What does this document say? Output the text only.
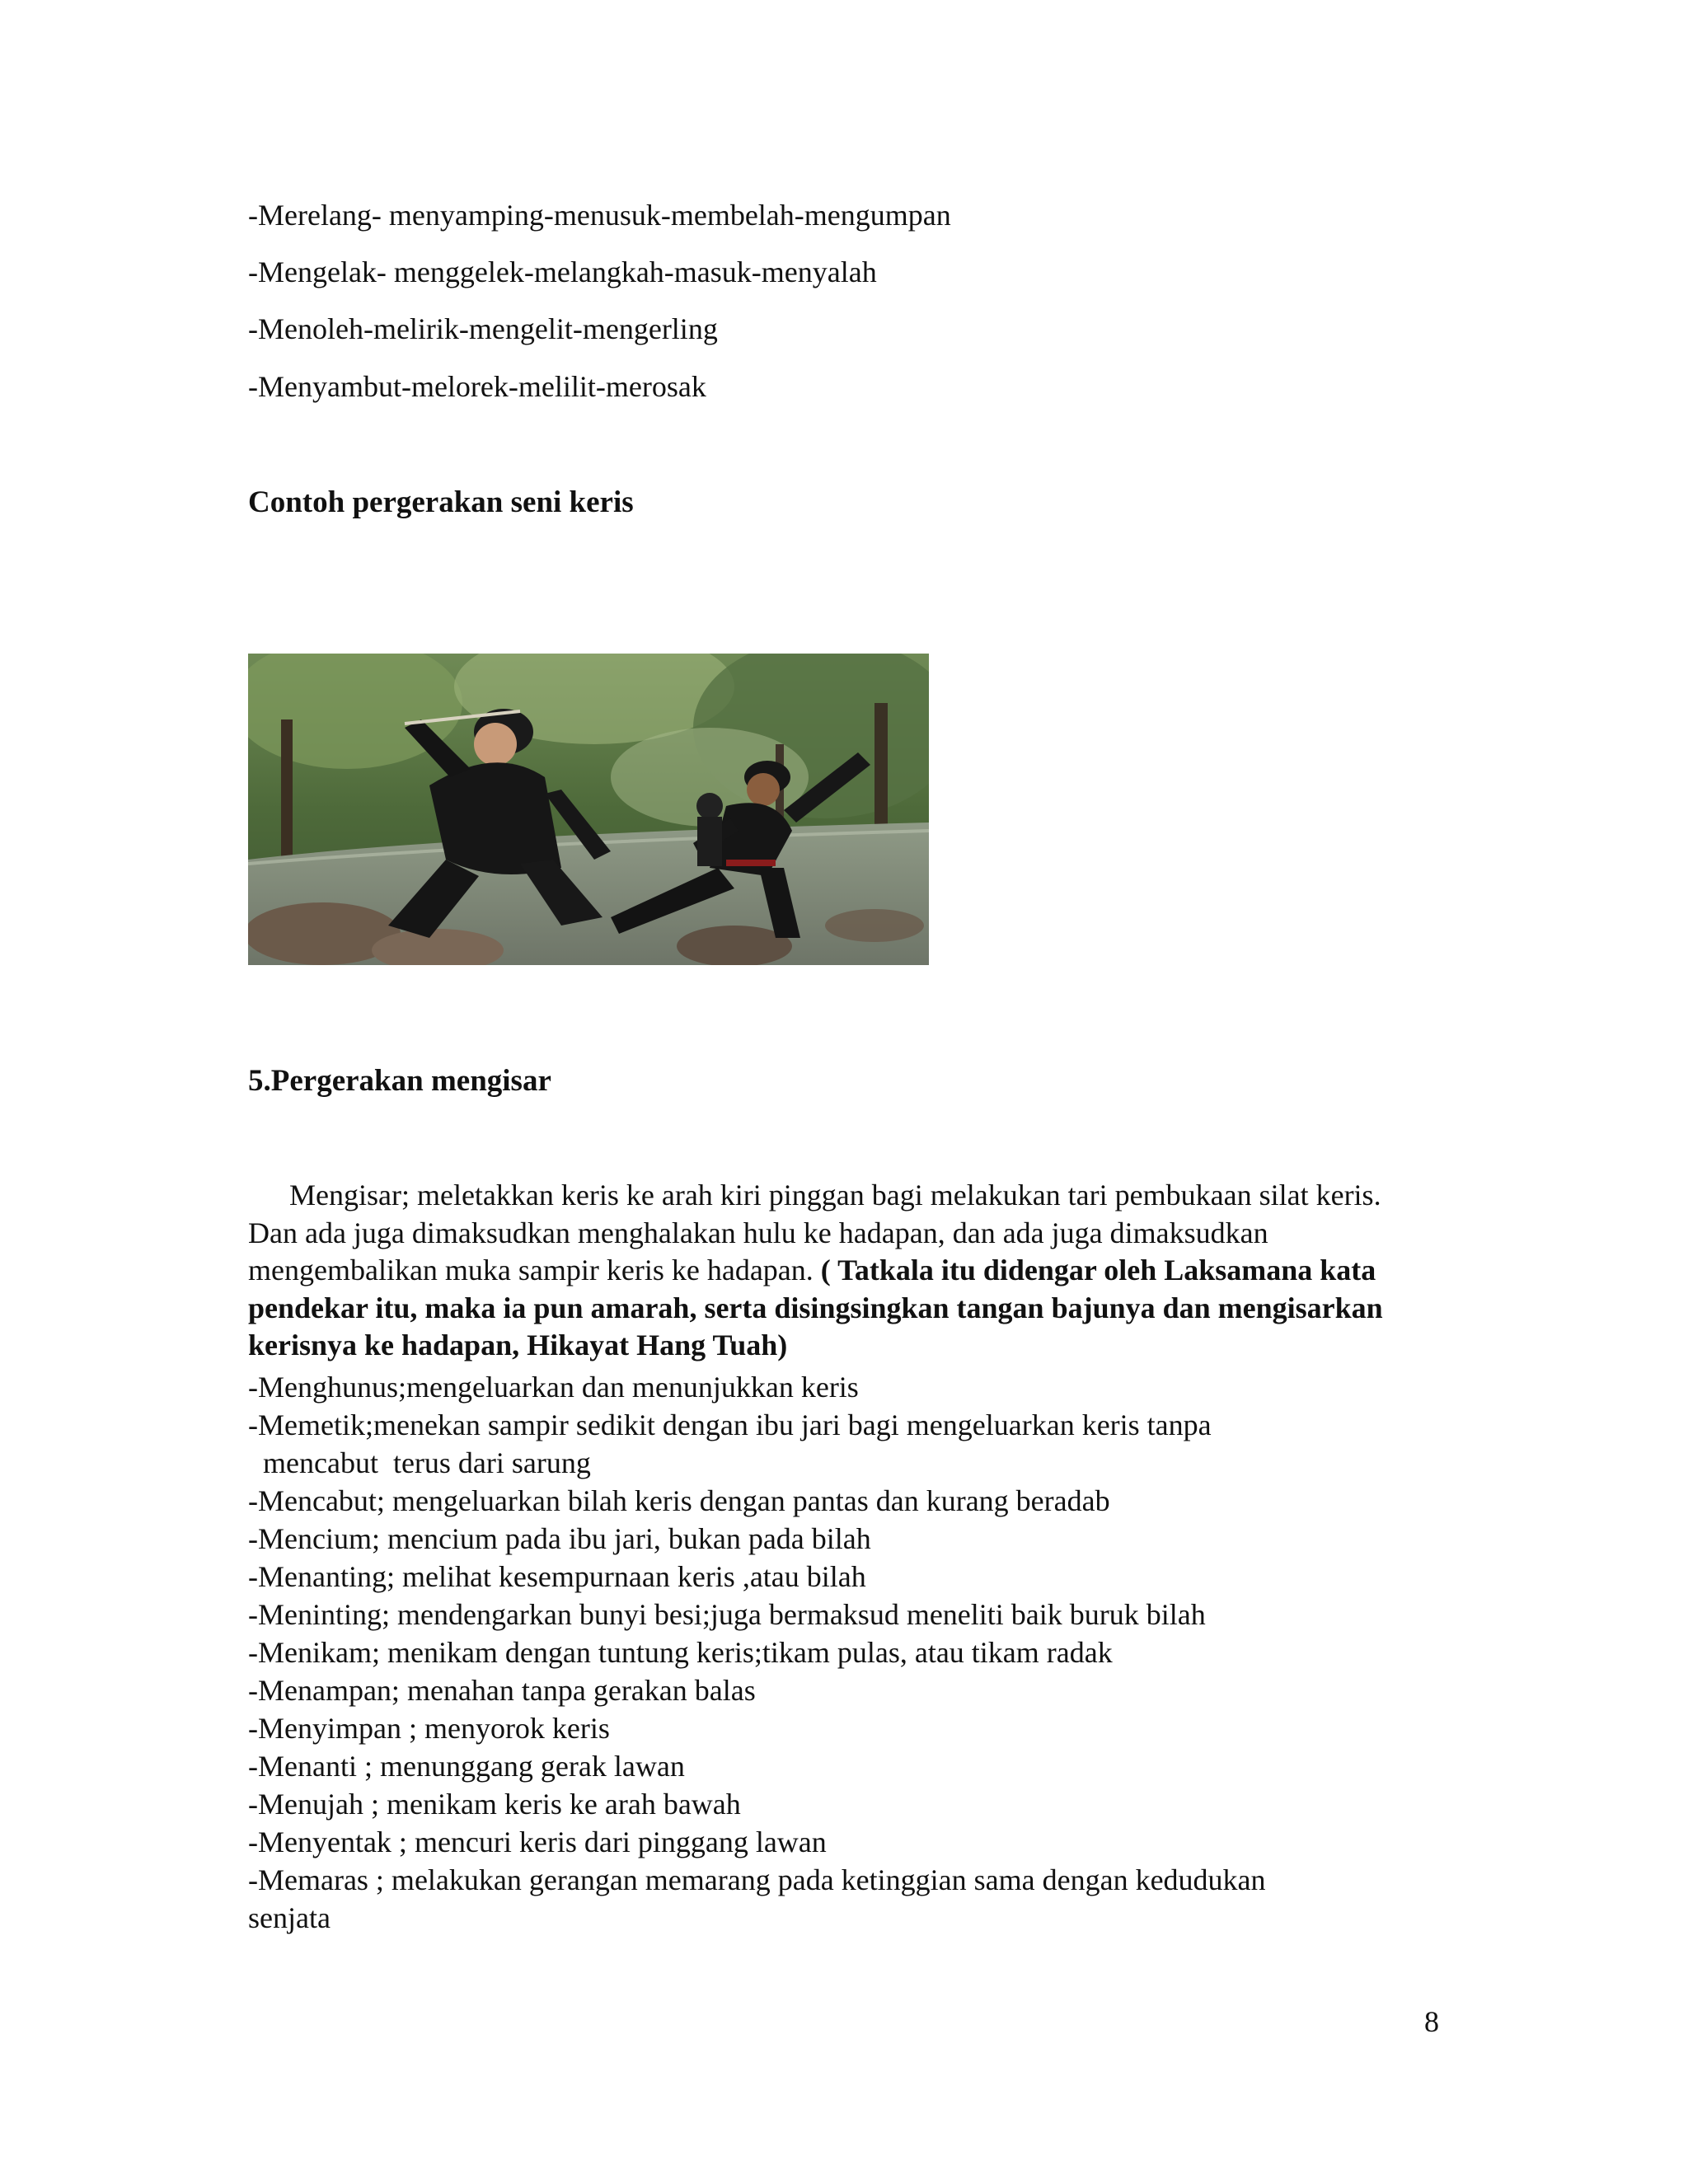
-Merelang- menyamping-menusuk-membelah-mengumpan
-Mengelak- menggelek-melangkah-masuk-menyalah
-Menoleh-melirik-mengelit-mengerling
-Menyambut-melorek-melilit-merosak
Contoh pergerakan seni keris
5.Pergerakan mengisar
Mengisar; meletakkan keris ke arah kiri pinggan bagi melakukan tari pembukaan silat keris. Dan ada juga dimaksudkan menghalakan hulu ke hadapan, dan ada juga dimaksudkan mengembalikan muka sampir keris ke hadapan. ( Tatkala itu didengar oleh Laksamana kata pendekar itu, maka ia pun amarah, serta disingsingkan tangan bajunya dan mengisarkan kerisnya ke hadapan, Hikayat Hang Tuah)
-Menghunus;mengeluarkan dan menunjukkan keris
-Memetik;menekan sampir sedikit dengan ibu jari bagi mengeluarkan keris tanpa
mencabut  terus dari sarung
-Mencabut; mengeluarkan bilah keris dengan pantas dan kurang beradab
-Mencium; mencium pada ibu jari, bukan pada bilah
-Menanting; melihat kesempurnaan keris ,atau bilah
-Meninting; mendengarkan bunyi besi;juga bermaksud meneliti baik buruk bilah
-Menikam; menikam dengan tuntung keris;tikam pulas, atau tikam radak
-Menampan; menahan tanpa gerakan balas
-Menyimpan ; menyorok keris
-Menanti ; menunggang gerak lawan
-Menujah ; menikam keris ke arah bawah
-Menyentak ; mencuri keris dari pinggang lawan
-Memaras ; melakukan gerangan memarang pada ketinggian sama dengan kedudukan
senjata
8
